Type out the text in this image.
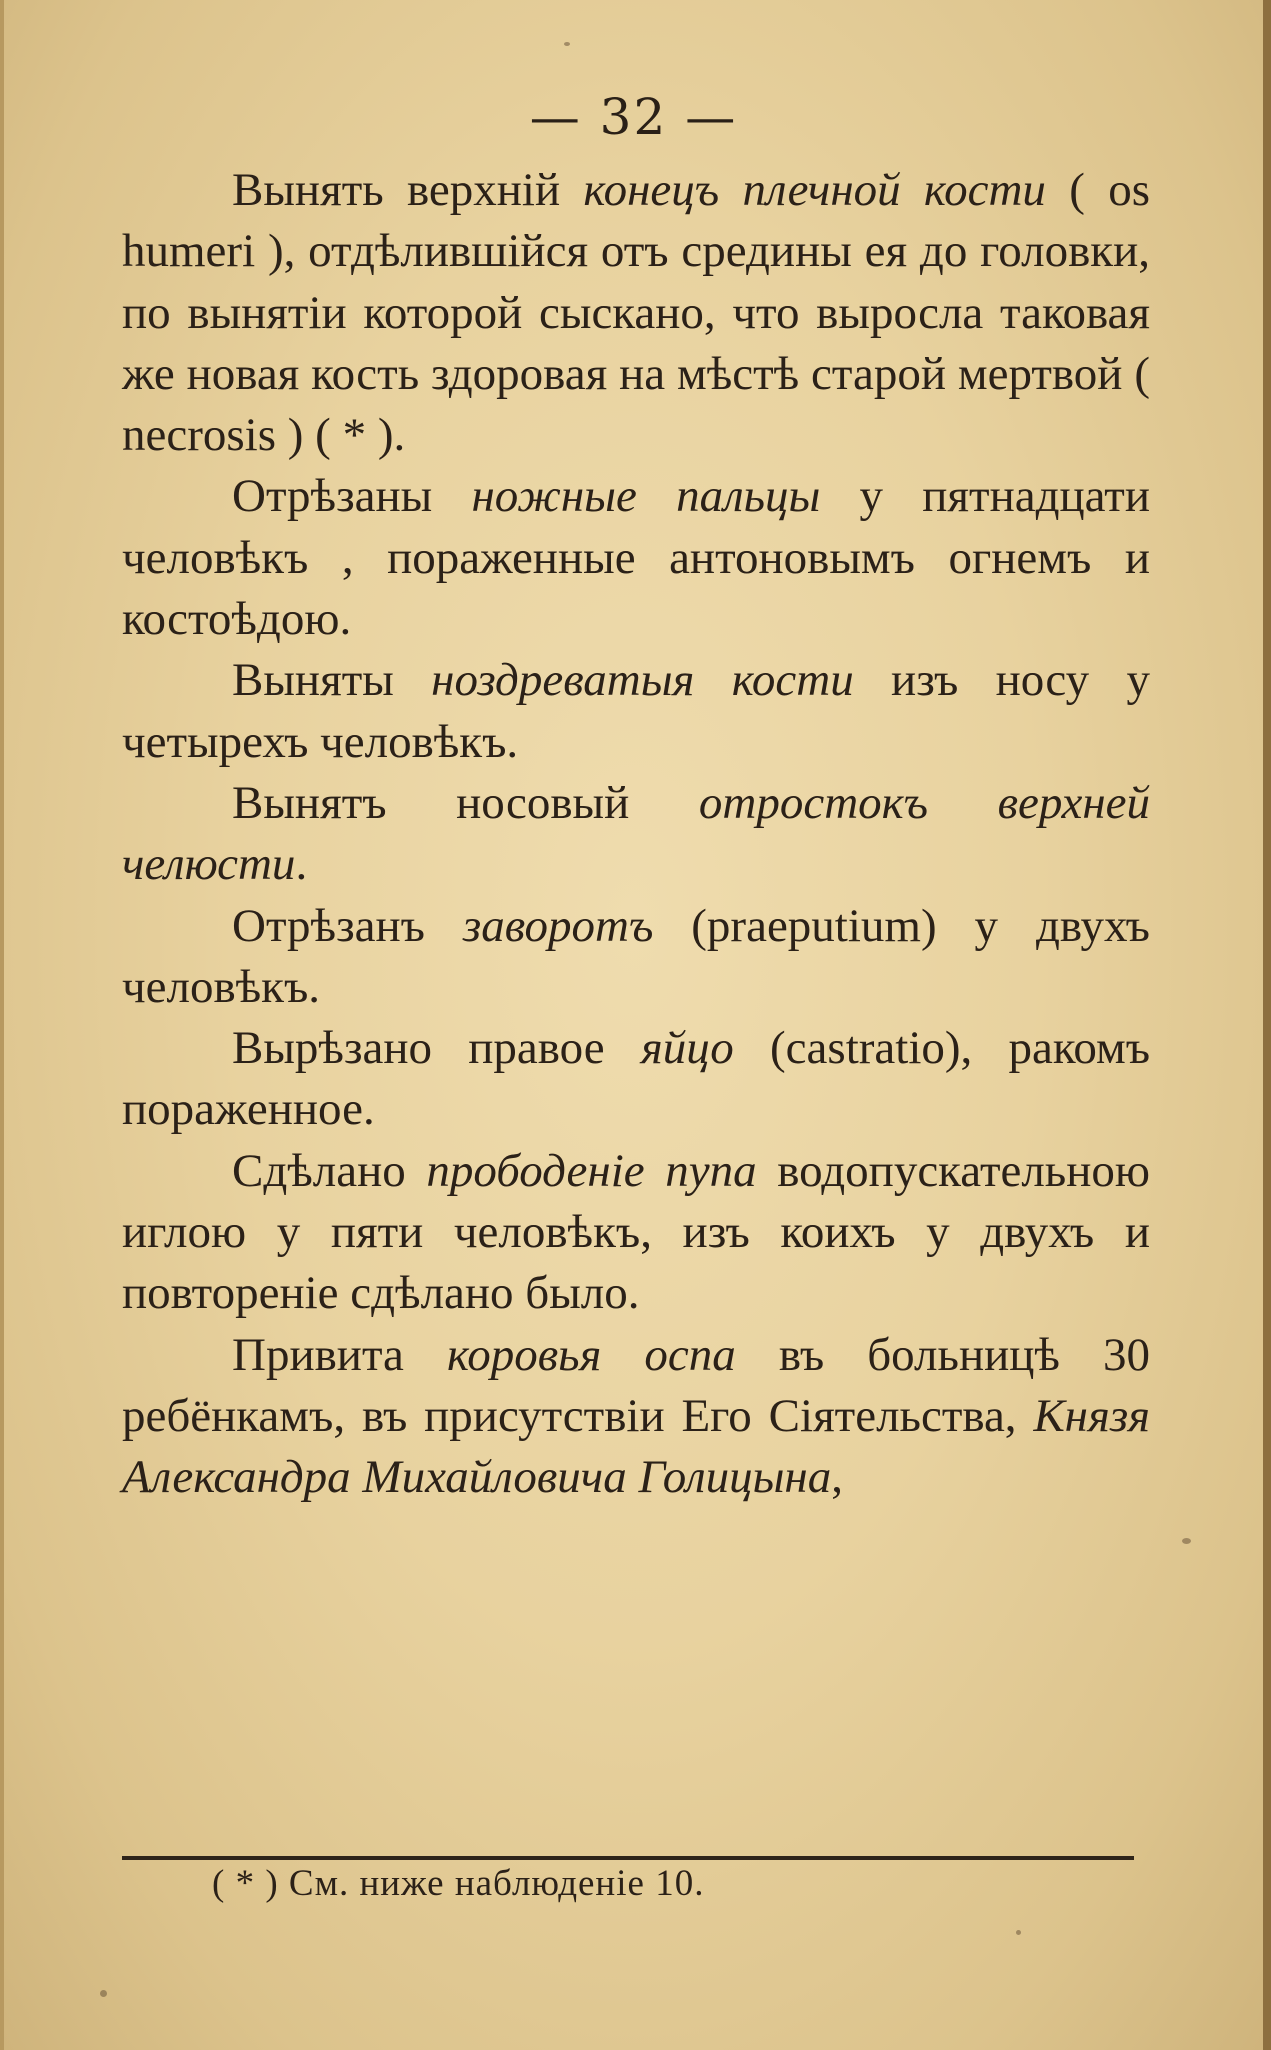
— 32 —

Вынять верхній конецъ плечной кости ( os humeri ), отдѣлившійся отъ средины ея до головки, по вынятіи которой сыскано, что выросла таковая же новая кость здоровая на мѣстѣ старой мертвой ( necrosis ) ( * ).

Отрѣзаны ножные пальцы у пятнадцати человѣкъ , пораженные антоновымъ огнемъ и костоѣдою.

Выняты ноздреватыя кости изъ носу у четырехъ человѣкъ.

Вынятъ носовый отростокъ верхней челюсти.

Отрѣзанъ заворотъ (praeputium) у двухъ человѣкъ.

Вырѣзано правое яйцо (castratio), ракомъ пораженное.

Сдѣлано прободеніе пупа водопускательною иглою у пяти человѣкъ, изъ коихъ у двухъ и повтореніе сдѣлано было.

Привита коровья оспа въ больницѣ 30 ребёнкамъ, въ присутствіи Его Сіятельства, Князя Александра Михайловича Голицына,

( * ) См. ниже наблюденіе 10.
